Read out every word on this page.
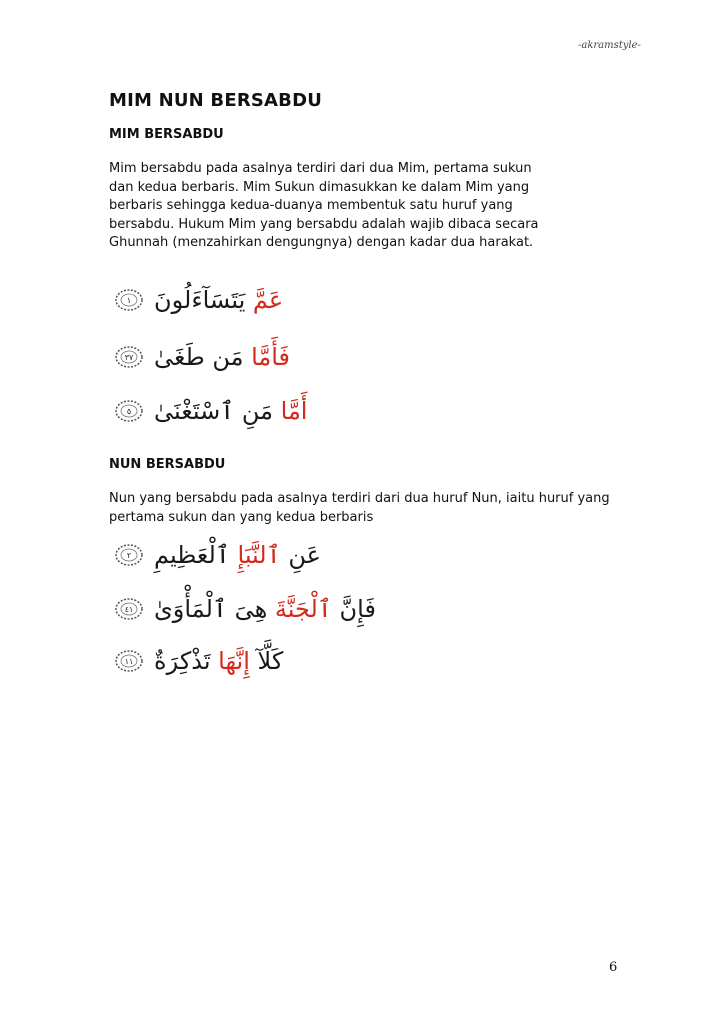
-akramstyle-
MIM NUN BERSABDU
MIM BERSABDU

Mim bersabdu pada asalnya terdiri dari dua Mim, pertama sukun
dan kedua berbaris. Mim Sukun dimasukkan ke dalam Mim yang
berbaris sehingga kedua-duanya membentuk satu huruf yang
bersabdu. Hukum Mim yang bersabdu adalah wajib dibaca secara
Ghunnah (menzahirkan dengungnya) dengan kadar dua harakat.

١	عَمَّ يَتَسَآءَلُونَ
٣٧	فَأَمَّا مَن طَغَىٰ
٥	أَمَّا مَنِ ٱسْتَغْنَىٰ
NUN BERSABDU

Nun yang bersabdu pada asalnya terdiri dari dua huruf Nun, iaitu huruf yang
pertama sukun dan yang kedua berbaris

٢	عَنِ ٱلنَّبَإِ ٱلْعَظِيمِ
٤١	فَإِنَّ ٱلْجَنَّةَ هِىَ ٱلْمَأْوَىٰ
١١	كَلَّآ إِنَّهَا تَذْكِرَةٌ
6
